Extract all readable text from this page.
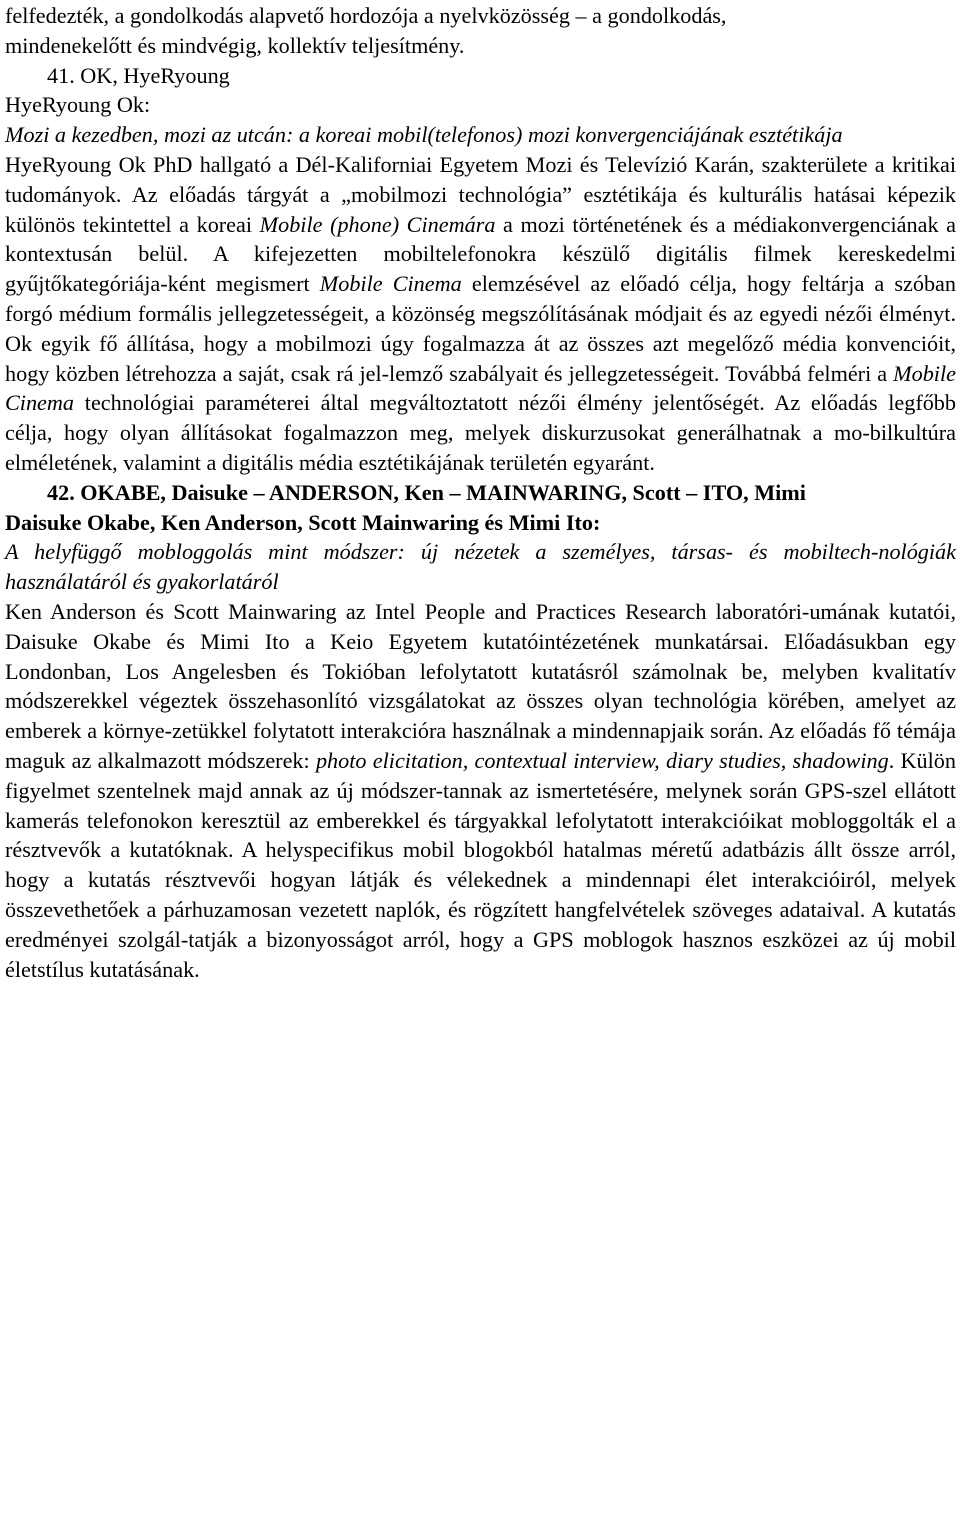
felfedezték, a gondolkodás alapvető hordozója a nyelvközösség – a gondolkodás,
mindenekelőtt és mindvégig, kollektív teljesítmény.

41. OK, HyeRyoung

HyeRyoung Ok:

Mozi a kezedben, mozi az utcán: a koreai mobil(telefonos) mozi konvergenciájának esztétikája

HyeRyoung Ok PhD hallgató a Dél-Kaliforniai Egyetem Mozi és Televízió Karán, szakterülete a kritikai tudományok. Az előadás tárgyát a „mobilmozi technológia” esztétikája és kulturális hatásai képezik különös tekintettel a koreai Mobile (phone) Cinemára a mozi történetének és a médiakonvergenciának a kontextusán belül. A kifejezetten mobiltelefonokra készülő digitális filmek kereskedelmi gyűjtőkategóriája-ként megismert Mobile Cinema elemzésével az előadó célja, hogy feltárja a szóban forgó médium formális jellegzetességeit, a közönség megszólításának módjait és az egyedi nézői élményt. Ok egyik fő állítása, hogy a mobilmozi úgy fogalmazza át az összes azt megelőző média konvencióit, hogy közben létrehozza a saját, csak rá jel-lemző szabályait és jellegzetességeit. Továbbá felméri a Mobile Cinema technológiai paraméterei által megváltoztatott nézői élmény jelentőségét. Az előadás legfőbb célja, hogy olyan állításokat fogalmazzon meg, melyek diskurzusokat generálhatnak a mo-bilkultúra elméletének, valamint a digitális média esztétikájának területén egyaránt.

42. OKABE, Daisuke – ANDERSON, Ken – MAINWARING, Scott – ITO, Mimi

Daisuke Okabe, Ken Anderson, Scott Mainwaring és Mimi Ito:

A helyfüggő mobloggolás mint módszer: új nézetek a személyes, társas- és mobiltech-nológiák használatáról és gyakorlatáról

Ken Anderson és Scott Mainwaring az Intel People and Practices Research laboratóri-umának kutatói, Daisuke Okabe és Mimi Ito a Keio Egyetem kutatóintézetének munkatársai. Előadásukban egy Londonban, Los Angelesben és Tokióban lefolytatott kutatásról számolnak be, melyben kvalitatív módszerekkel végeztek összehasonlító vizsgálatokat az összes olyan technológia körében, amelyet az emberek a környe-zetükkel folytatott interakcióra használnak a mindennapjaik során. Az előadás fő témája maguk az alkalmazott módszerek: photo elicitation, contextual interview, diary studies, shadowing. Külön figyelmet szentelnek majd annak az új módszer-tannak az ismertetésére, melynek során GPS-szel ellátott kamerás telefonokon keresztül az emberekkel és tárgyakkal lefolytatott interakcióikat mobloggolták el a résztvevők a kutatóknak. A helyspecifikus mobil blogokból hatalmas méretű adatbázis állt össze arról, hogy a kutatás résztvevői hogyan látják és vélekednek a mindennapi élet interakcióiról, melyek összevethetőek a párhuzamosan vezetett naplók, és rögzített hangfelvételek szöveges adataival. A kutatás eredményei szolgál-tatják a bizonyosságot arról, hogy a GPS moblogok hasznos eszközei az új mobil életstílus kutatásának.
